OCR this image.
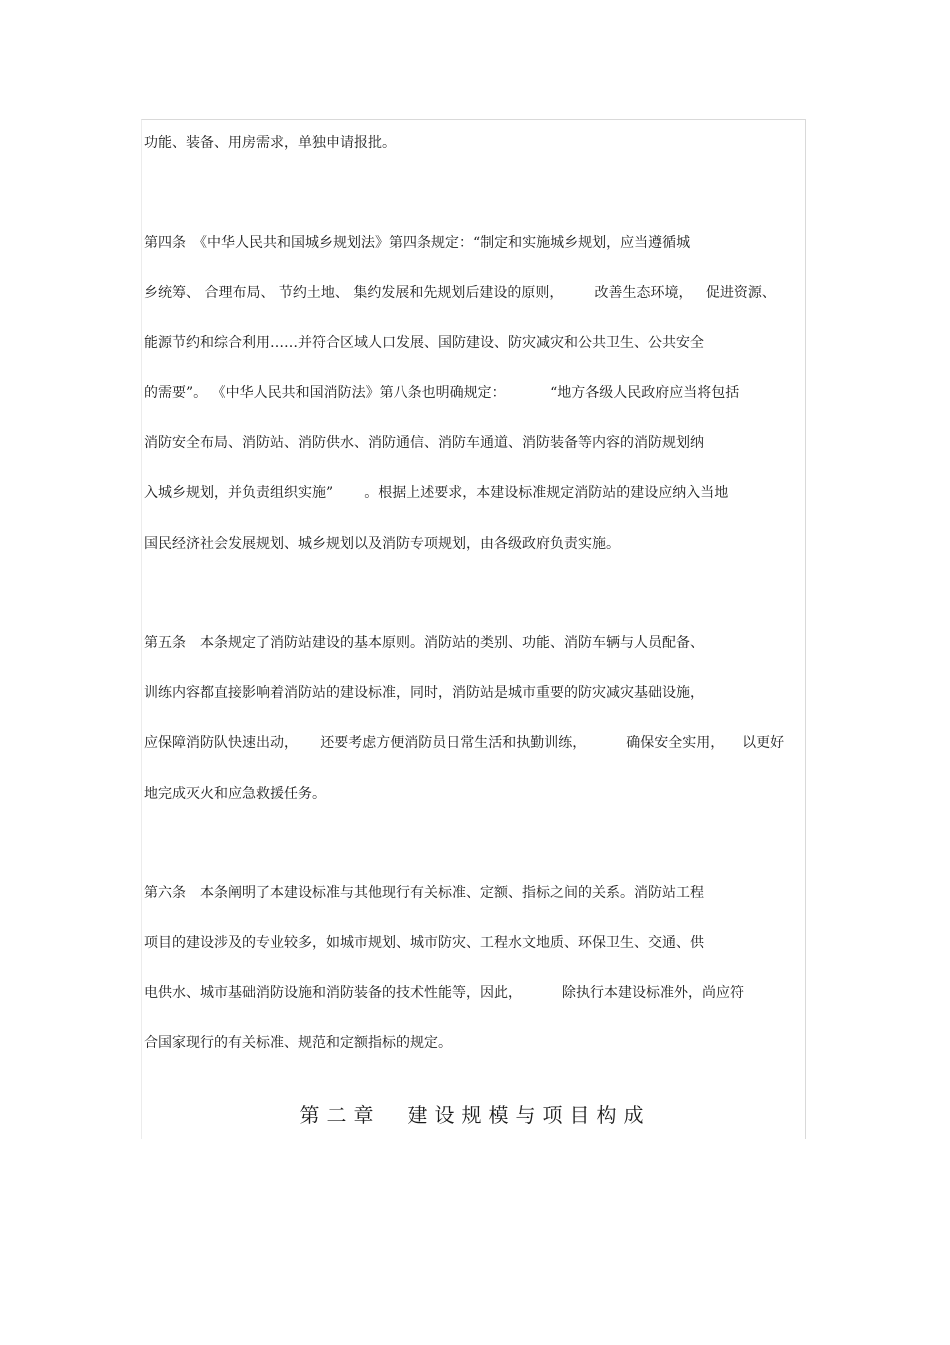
功能、装备、用房需求，单独申请报批。
第四条　《中华人民共和国城乡规划法》第四条规定：“制定和实施城乡规划，应当遵循城
乡统筹、 合理布局、 节约土地、 集约发展和先规划后建设的原则，       改善生态环境，   促进资源、
能源节约和综合利用……并符合区域人口发展、国防建设、防灾减灾和公共卫生、公共安全
的需要”。 《中华人民共和国消防法》第八条也明确规定：          “地方各级人民政府应当将包括
消防安全布局、消防站、消防供水、消防通信、消防车通道、消防装备等内容的消防规划纳
入城乡规划，并负责组织实施”       。根据上述要求，本建设标准规定消防站的建设应纳入当地
国民经济社会发展规划、城乡规划以及消防专项规划，由各级政府负责实施。
第五条　本条规定了消防站建设的基本原则。消防站的类别、功能、消防车辆与人员配备、
训练内容都直接影响着消防站的建设标准，同时，消防站是城市重要的防灾减灾基础设施，
应保障消防队快速出动，     还要考虑方便消防员日常生活和执勤训练，         确保安全实用，    以更好
地完成灭火和应急救援任务。
第六条　本条阐明了本建设标准与其他现行有关标准、定额、指标之间的关系。消防站工程
项目的建设涉及的专业较多，如城市规划、城市防灾、工程水文地质、环保卫生、交通、供
电供水、城市基础消防设施和消防装备的技术性能等，因此，         除执行本建设标准外，尚应符
合国家现行的有关标准、规范和定额指标的规定。
第二章　建设规模与项目构成
